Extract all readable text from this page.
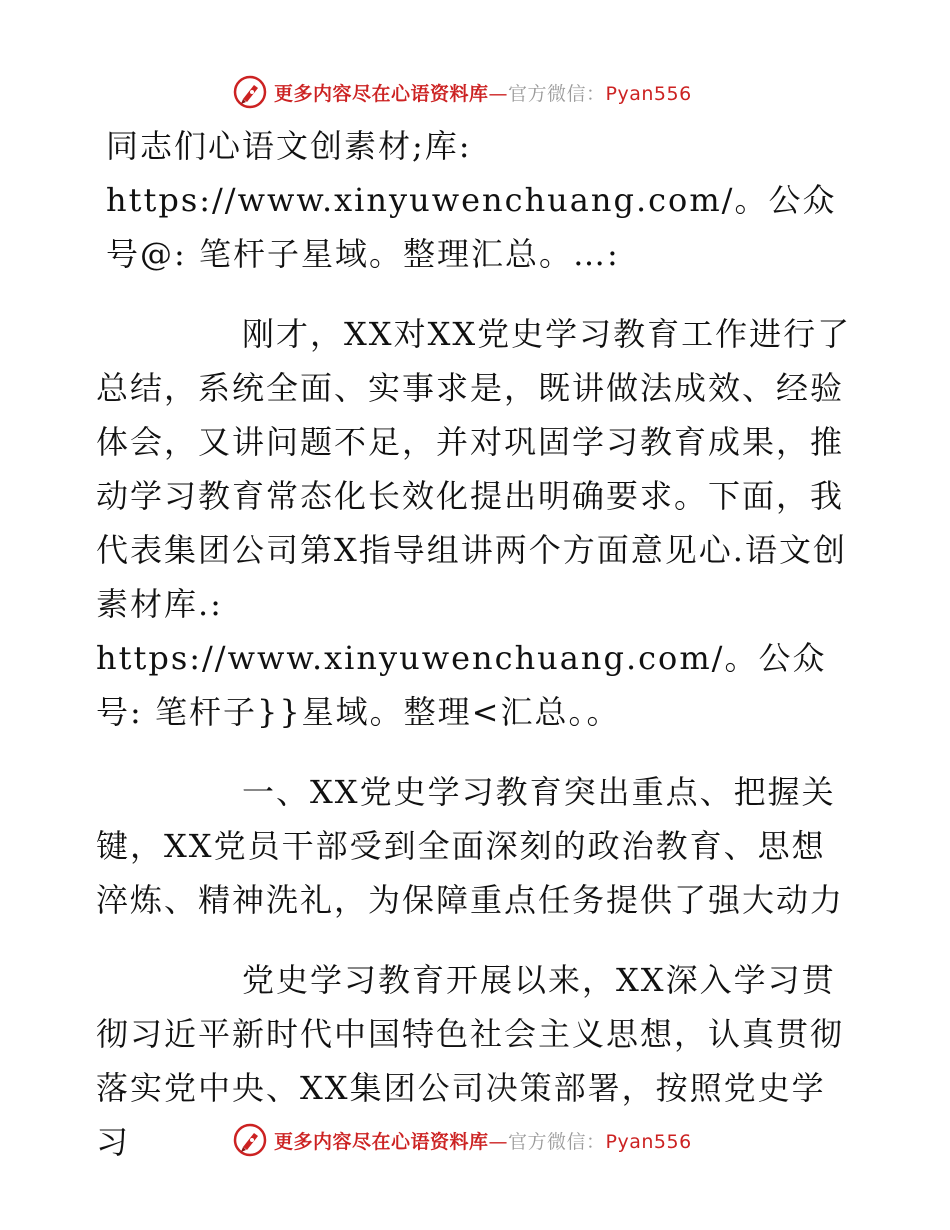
更多内容尽在心语资料库—官方微信：Pyan556

同志们心语文创素材;库: https://www.xinyuwenchuang.com/。公众号@: 笔杆子星域。整理汇总。…:

刚才，XX对XX党史学习教育工作进行了总结，系统全面、实事求是，既讲做法成效、经验体会，又讲问题不足，并对巩固学习教育成果，推动学习教育常态化长效化提出明确要求。下面，我代表集团公司第X指导组讲两个方面意见心.语文创素材库.: https://www.xinyuwenchuang.com/。公众号: 笔杆子}}星域。整理<汇总。。

一、XX党史学习教育突出重点、把握关键，XX党员干部受到全面深刻的政治教育、思想淬炼、精神洗礼，为保障重点任务提供了强大动力

党史学习教育开展以来，XX深入学习贯彻习近平新时代中国特色社会主义思想，认真贯彻落实党中央、XX集团公司决策部署，按照党史学习	更多内容尽在心语资料库—官方微信：Pyan556
